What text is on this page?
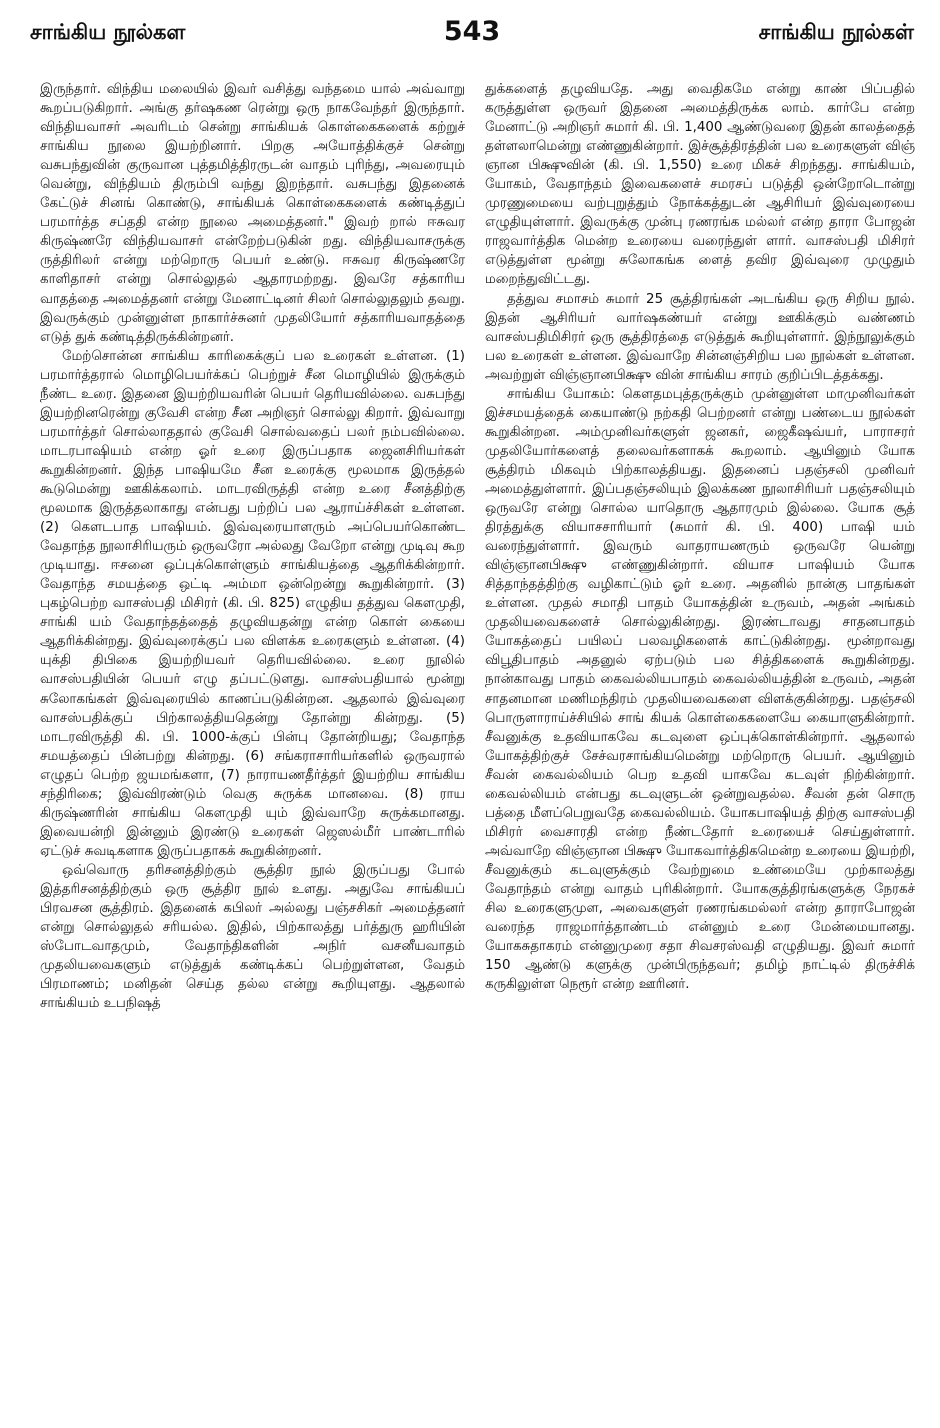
சாங்கிய நூல்கள	543	சாங்கிய நூல்கள்

இருந்தார். விந்திய மலையில் இவர் வசித்து வந்தமை யால் அவ்வாறு கூறப்படுகிறார். அங்கு தர்ஷகண ரென்று ஒரு நாகவேந்தர் இருந்தார். விந்தியவாசர் அவரிடம் சென்று சாங்கியக் கொள்கைகளைக் கற்றுச் சாங்கிய நூலை இயற்றினார். பிறகு அயோத்திக்குச் சென்று வசுபந்துவின் குருவான புத்தமித்திரருடன் வாதம் புரிந்து, அவரையும் வென்று, விந்தியம் திரும்பி வந்து இறந்தார். வசுபந்து இதனைக் கேட்டுச் சினங் கொண்டு, சாங்கியக் கொள்கைகளைக் கண்டித்துப் பரமார்த்த சப்ததி என்ற நூலை அமைத்தனர்." இவற் றால் ஈசுவர கிருஷ்ணரே விந்தியவாசர் என்றேற்படுகின் றது. விந்தியவாசருக்கு ருத்திரிலர் என்று மற்றொரு பெயர் உண்டு. ஈசுவர கிருஷ்ணரே காளிதாசர் என்று சொல்லுதல் ஆதாரமற்றது. இவரே சத்காரிய வாதத்தை அமைத்தனர் என்று மேனாட்டினர் சிலர் சொல்லுதலும் தவறு. இவருக்கும் முன்னுள்ள நாகார்ச்சுனர் முதலியோர் சத்காரியவாதத்தை எடுத் துக் கண்டித்திருக்கின்றனர்.

மேற்சொன்ன சாங்கிய காரிகைக்குப் பல உரைகள் உள்ளன. (1) பரமார்த்தரால் மொழிபெயர்க்கப் பெற்றுச் சீன மொழியில் இருக்கும் நீண்ட உரை. இதனை இயற்றியவரின் பெயர் தெரியவில்லை. வசுபந்து இயற்றினரென்று குவேசி என்ற சீன அறிஞர் சொல்லு கிறார். இவ்வாறு பரமார்த்தர் சொல்லாததால் குவேசி சொல்வதைப் பலர் நம்பவில்லை. மாடரபாஷியம் என்ற ஓர் உரை இருப்பதாக ஜைனசிரியர்கள் கூறுகின்றனர். இந்த பாஷியமே சீன உரைக்கு மூலமாக இருத்தல் கூடுமென்று ஊகிக்கலாம். மாடரவிருத்தி என்ற உரை சீனத்திற்கு மூலமாக இருத்தலாகாது என்பது பற்றிப் பல ஆராய்ச்சிகள் உள்ளன. (2) கௌடபாத பாஷியம். இவ்வுரையாளரும் அப்பெயர்கொண்ட வேதாந்த நூலாசிரியரும் ஒருவரோ அல்லது வேறோ என்று முடிவு கூற முடியாது. ஈசனை ஒப்புக்கொள்ளும் சாங்கியத்தை ஆதரிக்கின்றார். வேதாந்த சமயத்தை ஒட்டி அம்மா ஒன்றென்று கூறுகின்றார். (3) புகழ்பெற்ற வாசஸ்பதி மிசிரர் (கி. பி. 825) எழுதிய தத்துவ கௌமுதி, சாங்கி யம் வேதாந்தத்தைத் தழுவியதன்று என்ற கொள் கையை ஆதரிக்கின்றது. இவ்வுரைக்குப் பல விளக்க உரைகளும் உள்ளன. (4) யுக்தி திபிகை இயற்றியவர் தெரியவில்லை. உரை நூலில் வாசஸ்பதியின் பெயர் எழு தப்பட்டுளது. வாசஸ்பதியால் மூன்று சுலோகங்கள் இவ்வுரையில் காணப்படுகின்றன. ஆதலால் இவ்வுரை வாசஸ்பதிக்குப் பிற்காலத்தியதென்று தோன்று கின்றது. (5) மாடரவிருத்தி கி. பி. 1000-க்குப் பின்பு தோன்றியது; வேதாந்த சமயத்தைப் பின்பற்று கின்றது. (6) சங்கராசாரியர்களில் ஒருவரால் எழுதப் பெற்ற ஜயமங்களா, (7) நாராயணதீர்த்தர் இயற்றிய சாங்கிய சந்திரிகை; இவ்விரண்டும் வெகு சுருக்க மானவை. (8) ராய கிருஷ்ணரின் சாங்கிய கௌமுதி யும் இவ்வாறே சுருக்கமானது. இவையன்றி இன்னும் இரண்டு உரைகள் ஜெஸல்மீர் பாண்டாரில் ஏட்டுச் சுவடிகளாக இருப்பதாகக் கூறுகின்றனர்.

ஒவ்வொரு தரிசனத்திற்கும் சூத்திர நூல் இருப்பது போல் இத்தரிசனத்திற்கும் ஒரு சூத்திர நூல் உளது. அதுவே சாங்கியப் பிரவசன சூத்திரம். இதனைக் கபிலர் அல்லது பஞ்சசிகர் அமைத்தனர் என்று சொல்லுதல் சரியல்ல. இதில், பிற்காலத்து பர்த்துரு ஹரியின் ஸ்போடவாதமும், வேதாந்திகளின் அநிர் வசனீயவாதம் முதலியவைகளும் எடுத்துக் கண்டிக்கப் பெற்றுள்ளன, வேதம் பிரமாணம்; மனிதன் செய்த தல்ல என்று கூறியுளது. ஆதலால் சாங்கியம் உபநிஷத்

துக்களைத் தழுவியதே. அது வைதிகமே என்று காண் பிப்பதில் கருத்துள்ள ஒருவர் இதனை அமைத்திருக்க லாம். கார்பே என்ற மேனாட்டு அறிஞர் சுமார் கி. பி. 1,400 ஆண்டுவரை இதன் காலத்தைத் தள்ளலாமென்று எண்ணுகின்றார். இச்சூத்திரத்தின் பல உரைகளுள் விஞ் ஞான பிக்ஷுவின் (கி. பி. 1,550) உரை மிகச் சிறந்தது. சாங்கியம், யோகம், வேதாந்தம் இவைகளைச் சமரசப் படுத்தி ஒன்றோடொன்று முரணுமையை வற்புறுத்தும் நோக்கத்துடன் ஆசிரியர் இவ்வுரையை எழுதியுள்ளார். இவருக்கு முன்பு ரணரங்க மல்லர் என்ற தாரா போஜன் ராஜவார்த்திக மென்ற உரையை வரைந்துள் ளார். வாசஸ்பதி மிசிரர் எடுத்துள்ள மூன்று சுலோகங்க ளைத் தவிர இவ்வுரை முழுதும் மறைந்துவிட்டது.

தத்துவ சமாசம் சுமார் 25 சூத்திரங்கள் அடங்கிய ஒரு சிறிய நூல். இதன் ஆசிரியர் வார்ஷகண்யர் என்று ஊகிக்கும் வண்ணம் வாசஸ்பதிமிசிரர் ஒரு சூத்திரத்தை எடுத்துக் கூறியுள்ளார். இந்நூலுக்கும் பல உரைகள் உள்ளன. இவ்வாறே சின்னஞ்சிறிய பல நூல்கள் உள்ளன. அவற்றுள் விஞ்ஞானபிக்ஷு வின் சாங்கிய சாரம் குறிப்பிடத்தக்கது.

சாங்கிய யோகம்: கௌதமபுத்தருக்கும் முன்னுள்ள மாமுனிவர்கள் இச்சமயத்தைக் கையாண்டு நற்கதி பெற்றனர் என்று பண்டைய நூல்கள் கூறுகின்றன. அம்முனிவர்களுள் ஜனகர், ஜைகீஷவ்யர், பாராசரர் முதலியோர்களைத் தலைவர்களாகக் கூறலாம். ஆயினும் யோக சூத்திரம் மிகவும் பிற்காலத்தியது. இதனைப் பதஞ்சலி முனிவர் அமைத்துள்ளார். இப்பதஞ்சலியும் இலக்கண நூலாசிரியர் பதஞ்சலியும் ஒருவரே என்று சொல்ல யாதொரு ஆதாரமும் இல்லை. யோக சூத் திரத்துக்கு வியாசசாரியார் (சுமார் கி. பி. 400) பாஷி யம் வரைந்துள்ளார். இவரும் வாதராயணரும் ஒருவரே யென்று விஞ்ஞானபிக்ஷு எண்ணுகின்றார். வியாச பாஷியம் யோக சித்தாந்தத்திற்கு வழிகாட்டும் ஓர் உரை. அதனில் நான்கு பாதங்கள் உள்ளன. முதல் சமாதி பாதம் யோகத்தின் உருவம், அதன் அங்கம் முதலியவைகளைச் சொல்லுகின்றது. இரண்டாவது சாதனபாதம் யோகத்தைப் பயிலப் பலவழிகளைக் காட்டுகின்றது. மூன்றாவது விபூதிபாதம் அதனுல் ஏற்படும் பல சித்திகளைக் கூறுகின்றது. நான்காவது பாதம் கைவல்லியபாதம் கைவல்லியத்தின் உருவம், அதன் சாதனமான மணிமந்திரம் முதலியவைகளை விளக்குகின்றது. பதஞ்சலி பொருளாராய்ச்சியில் சாங் கியக் கொள்கைகளையே கையாளுகின்றார். சீவனுக்கு உதவியாகவே கடவுளை ஒப்புக்கொள்கின்றார். ஆதலால் யோகத்திற்குச் சேச்வரசாங்கியமென்று மற்றொரு பெயர். ஆயினும் சீவன் கைவல்லியம் பெற உதவி யாகவே கடவுள் நிற்கின்றார். கைவல்லியம் என்பது கடவுளுடன் ஒன்றுவதல்ல. சீவன் தன் சொரு பத்தை மீளப்பெறுவதே கைவல்லியம். யோகபாஷியத் திற்கு வாசஸ்பதி மிசிரர் வைசாரதி என்ற நீண்டதோர் உரையைச் செய்துள்ளார். அவ்வாறே விஞ்ஞான பிக்ஷு யோகவார்த்திகமென்ற உரையை இயற்றி, சீவனுக்கும் கடவுளுக்கும் வேற்றுமை உண்மையே முற்காலத்து வேதாந்தம் என்று வாதம் புரிகின்றார். யோககுத்திரங்களுக்கு நேரகச் சில உரைகளுமுள, அவைகளுள் ரணரங்கமல்லர் என்ற தாராபோஜன் வரைந்த ராஜமார்த்தாண்டம் என்னும் உரை மேன்மையானது. யோகசுதாகரம் என்னுமுரை சதா சிவசரஸ்வதி எழுதியது. இவர் சுமார் 150 ஆண்டு களுக்கு முன்பிருந்தவர்; தமிழ் நாட்டில் திருச்சிக் கருகிலுள்ள நெரூர் என்ற ஊரினர்.
